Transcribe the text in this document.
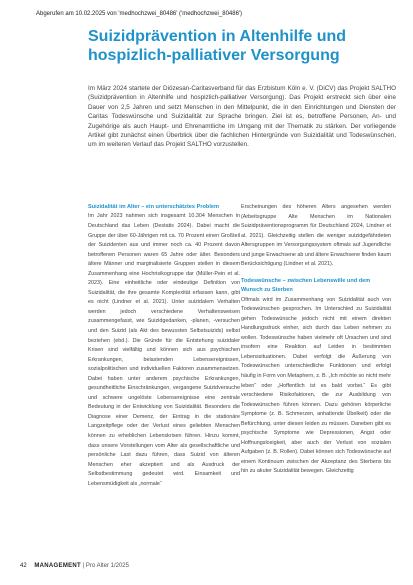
Abgerufen am 10.02.2025 von 'medhochzwei_80486' ('medhochzwei_80486')
Suizidprävention in Altenhilfe und hospizlich-palliativer Versorgung

Im März 2024 startete der Diözesan-Caritasverband für das Erzbistum Köln e. V. (DiCV) das Projekt SALTHO (Suizidprävention in Altenhilfe und hospizlich-palliativer Versorgung). Das Projekt erstreckt sich über eine Dauer von 2,5 Jahren und setzt Menschen in den Mittelpunkt, die in den Einrichtungen und Diensten der Caritas Todeswünsche und Suizidalität zur Sprache bringen. Ziel ist es, betroffene Personen, An- und Zugehörige als auch Haupt- und Ehrenamtliche im Umgang mit der Thematik zu stärken. Der vorliegende Artikel gibt zunächst einen Überblick über die fachlichen Hintergründe von Suizidalität und Todeswünschen, um im weiteren Verlauf das Projekt SALTHO vorzustellen.

Suizidalität im Alter – ein unterschätztes Problem

Im Jahr 2023 nahmen sich insgesamt 10.304 Menschen in Deutschland das Leben (Destatis 2024). Dabei macht die Gruppe der über 60-Jährigen mit ca. 70 Prozent einen Großteil der Suizidenten aus und immer noch ca. 40 Prozent davon betroffenen Personen waren 65 Jahre oder älter. Besonders ältere Männer und marginalisierte Gruppen stellen in diesem Zusammenhang eine Hochrisikogruppe dar (Müller-Pein et al. 2023). Eine einheitliche oder eindeutige Definition von Suizidalität, die ihre gesamte Komplexität erfassen kann, gibt es nicht (Lindner et al. 2021). Unter suizidalem Verhalten werden jedoch verschiedene Verhaltensweisen zusammengefasst, wie Suizidgedanken, -planen, -versuchen und den Suizid (als Akt des bewussten Selbstsuizids) selbst beziehen (ebd.). Die Gründe für die Entstehung suizidaler Krisen sind vielfältig und können sich aus psychischen Erkrankungen, belastenden Lebensereignissen, sozialpolitischen und individuellen Faktoren zusammensetzen. Dabei haben unter anderem psychische Erkrankungen, gesundheitliche Einschränkungen, vergangene Suizidversuche und schwere ungelöste Lebensereignisse eine zentrale Bedeutung in der Entwicklung von Suizidalität. Besonders die Diagnose einer Demenz, der Eintrag in die stationäre Langzeitpflege oder der Verlust eines geliebten Menschen können zu erheblichen Lebenskrisen führen. Hinzu kommt, dass unsere Vorstellungen vom Alter als gesellschaftliche und persönliche Last dazu führen, dass Suizid von älteren Menschen eher akzeptiert und als Ausdruck der Selbstbestimmung gedeutet wird. Einsamkeit und Lebensmüdigkeit als „normale“

Erscheinungen des höheren Alters angesehen werden (Arbeitsgruppe Alte Menschen im Nationalen Suizidpräventionsprogramm für Deutschland 2024, Lindner et al. 2021). Gleichzeitig stellen die weniger suizidgefährdeten Altersgruppen im Versorgungssystem oftmals auf Jugendliche und junge Erwachsene ab und ältere Erwachsene finden kaum Berücksichtigung (Lindner et al. 2021).

Todeswünsche – zwischen Lebenswille und dem Wunsch zu Sterben

Oftmals wird im Zusammenhang von Suizidalität auch von Todeswünschen gesprochen. Im Unterschied zu Suizidalität gehen Todeswünsche jedoch nicht mit einem direkten Handlungsdruck einher, sich durch das Leben nehmen zu wollen. Todeswünsche haben vielmehr oft Ursachen und sind insofern eine Reaktion auf Leiden in bestimmten Lebenssituationen. Dabei verfolgt die Äußerung von Todeswünschen unterschiedliche Funktionen und erfolgt häufig in Form von Metaphern, z. B. „Ich möchte so nicht mehr leben“ oder „Hoffentlich ist es bald vorbei.“ Es gibt verschiedene Risikofaktoren, die zur Ausbildung von Todeswünschen führen können. Dazu gehören körperliche Symptome (z. B. Schmerzen, anhaltende Übelkeit) oder die Befürchtung, unter diesen leiden zu müssen. Daneben gibt es psychische Symptome wie Depressionen, Angst oder Hoffnungslosigkeit, aber auch der Verlust von sozialen Aufgaben (z. B. Rollen). Dabei können sich Todeswünsche auf einem Kontinuum zwischen der Akzeptanz des Sterbens bis hin zu akuter Suizidalität bewegen. Gleichzeitig

42 MANAGEMENT | Pro Alter 1/2025
